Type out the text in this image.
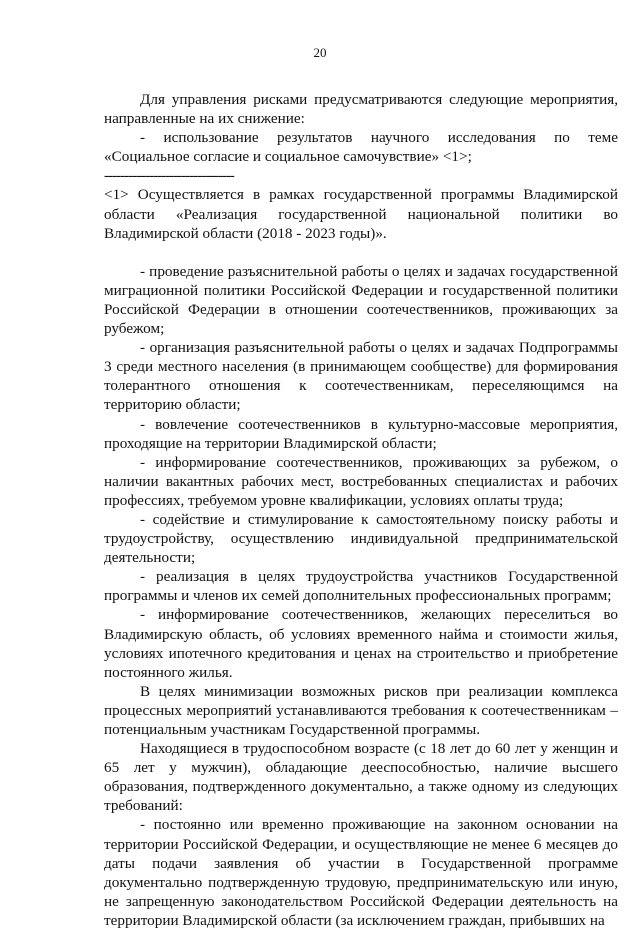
20

Для управления рисками предусматриваются следующие мероприятия, направленные на их снижение:

- использование результатов научного исследования по теме «Социальное согласие и социальное самочувствие» <1>;

--------------------------------

<1> Осуществляется в рамках государственной программы Владимирской области «Реализация государственной национальной политики во Владимирской области (2018 - 2023 годы)».

- проведение разъяснительной работы о целях и задачах государственной миграционной политики Российской Федерации и государственной политики Российской Федерации в отношении соотечественников, проживающих за рубежом;

- организация разъяснительной работы о целях и задачах Подпрограммы 3 среди местного населения (в принимающем сообществе) для формирования толерантного отношения к соотечественникам, переселяющимся на территорию области;

- вовлечение соотечественников в культурно-массовые мероприятия, проходящие на территории Владимирской области;

- информирование соотечественников, проживающих за рубежом, о наличии вакантных рабочих мест, востребованных специалистах и рабочих профессиях, требуемом уровне квалификации, условиях оплаты труда;

- содействие и стимулирование к самостоятельному поиску работы и трудоустройству, осуществлению индивидуальной предпринимательской деятельности;

- реализация в целях трудоустройства участников Государственной программы и членов их семей дополнительных профессиональных программ;

- информирование соотечественников, желающих переселиться во Владимирскую область, об условиях временного найма и стоимости жилья, условиях ипотечного кредитования и ценах на строительство и приобретение постоянного жилья.

В целях минимизации возможных рисков при реализации комплекса процессных мероприятий устанавливаются требования к соотечественникам – потенциальным участникам Государственной программы.

Находящиеся в трудоспособном возрасте (с 18 лет до 60 лет у женщин и 65 лет у мужчин), обладающие дееспособностью, наличие высшего образования, подтвержденного документально, а также одному из следующих требований:

- постоянно или временно проживающие на законном основании на территории Российской Федерации, и осуществляющие не менее 6 месяцев до даты подачи заявления об участии в Государственной программе документально подтвержденную трудовую, предпринимательскую или иную, не запрещенную законодательством Российской Федерации деятельность на территории Владимирской области (за исключением граждан, прибывших на
